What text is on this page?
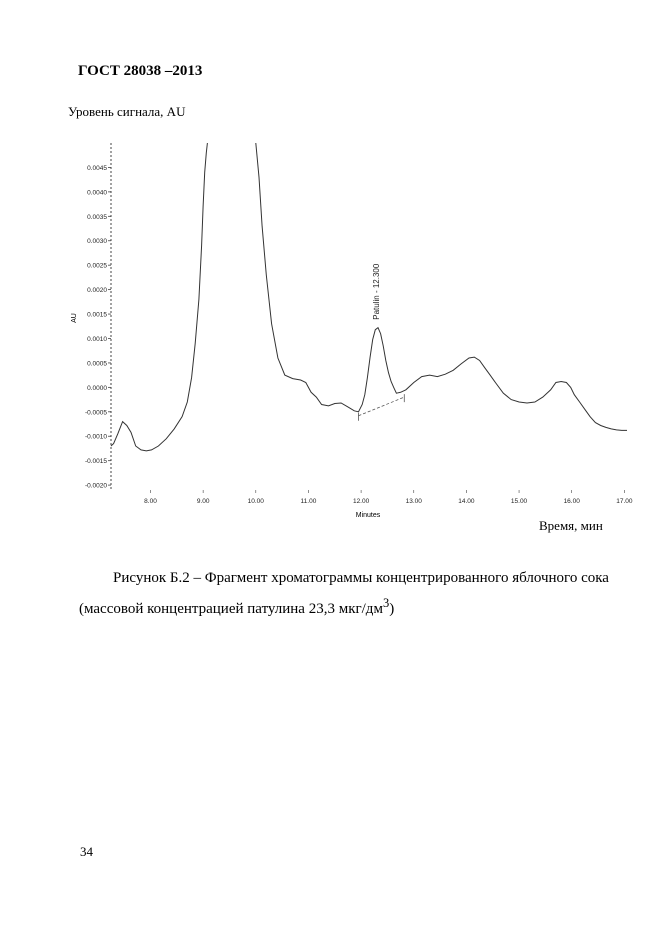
ГОСТ 28038 –2013
Уровень сигнала, AU
-0.0020
-0.0015
-0.0010
-0.0005
0.0000
0.0005
0.0010
0.0015
0.0020
0.0025
0.0030
0.0035
0.0040
0.0045
8.00	9.00	10.00	11.00	12.00	13.00	14.00	15.00	16.00	17.00
Patulin - 12.300
AU
Minutes
Время, мин
Рисунок Б.2 – Фрагмент хроматограммы концентрированного яблочного сока (массовой концентрацией патулина 23,3 мкг/$дм^3$)
34
